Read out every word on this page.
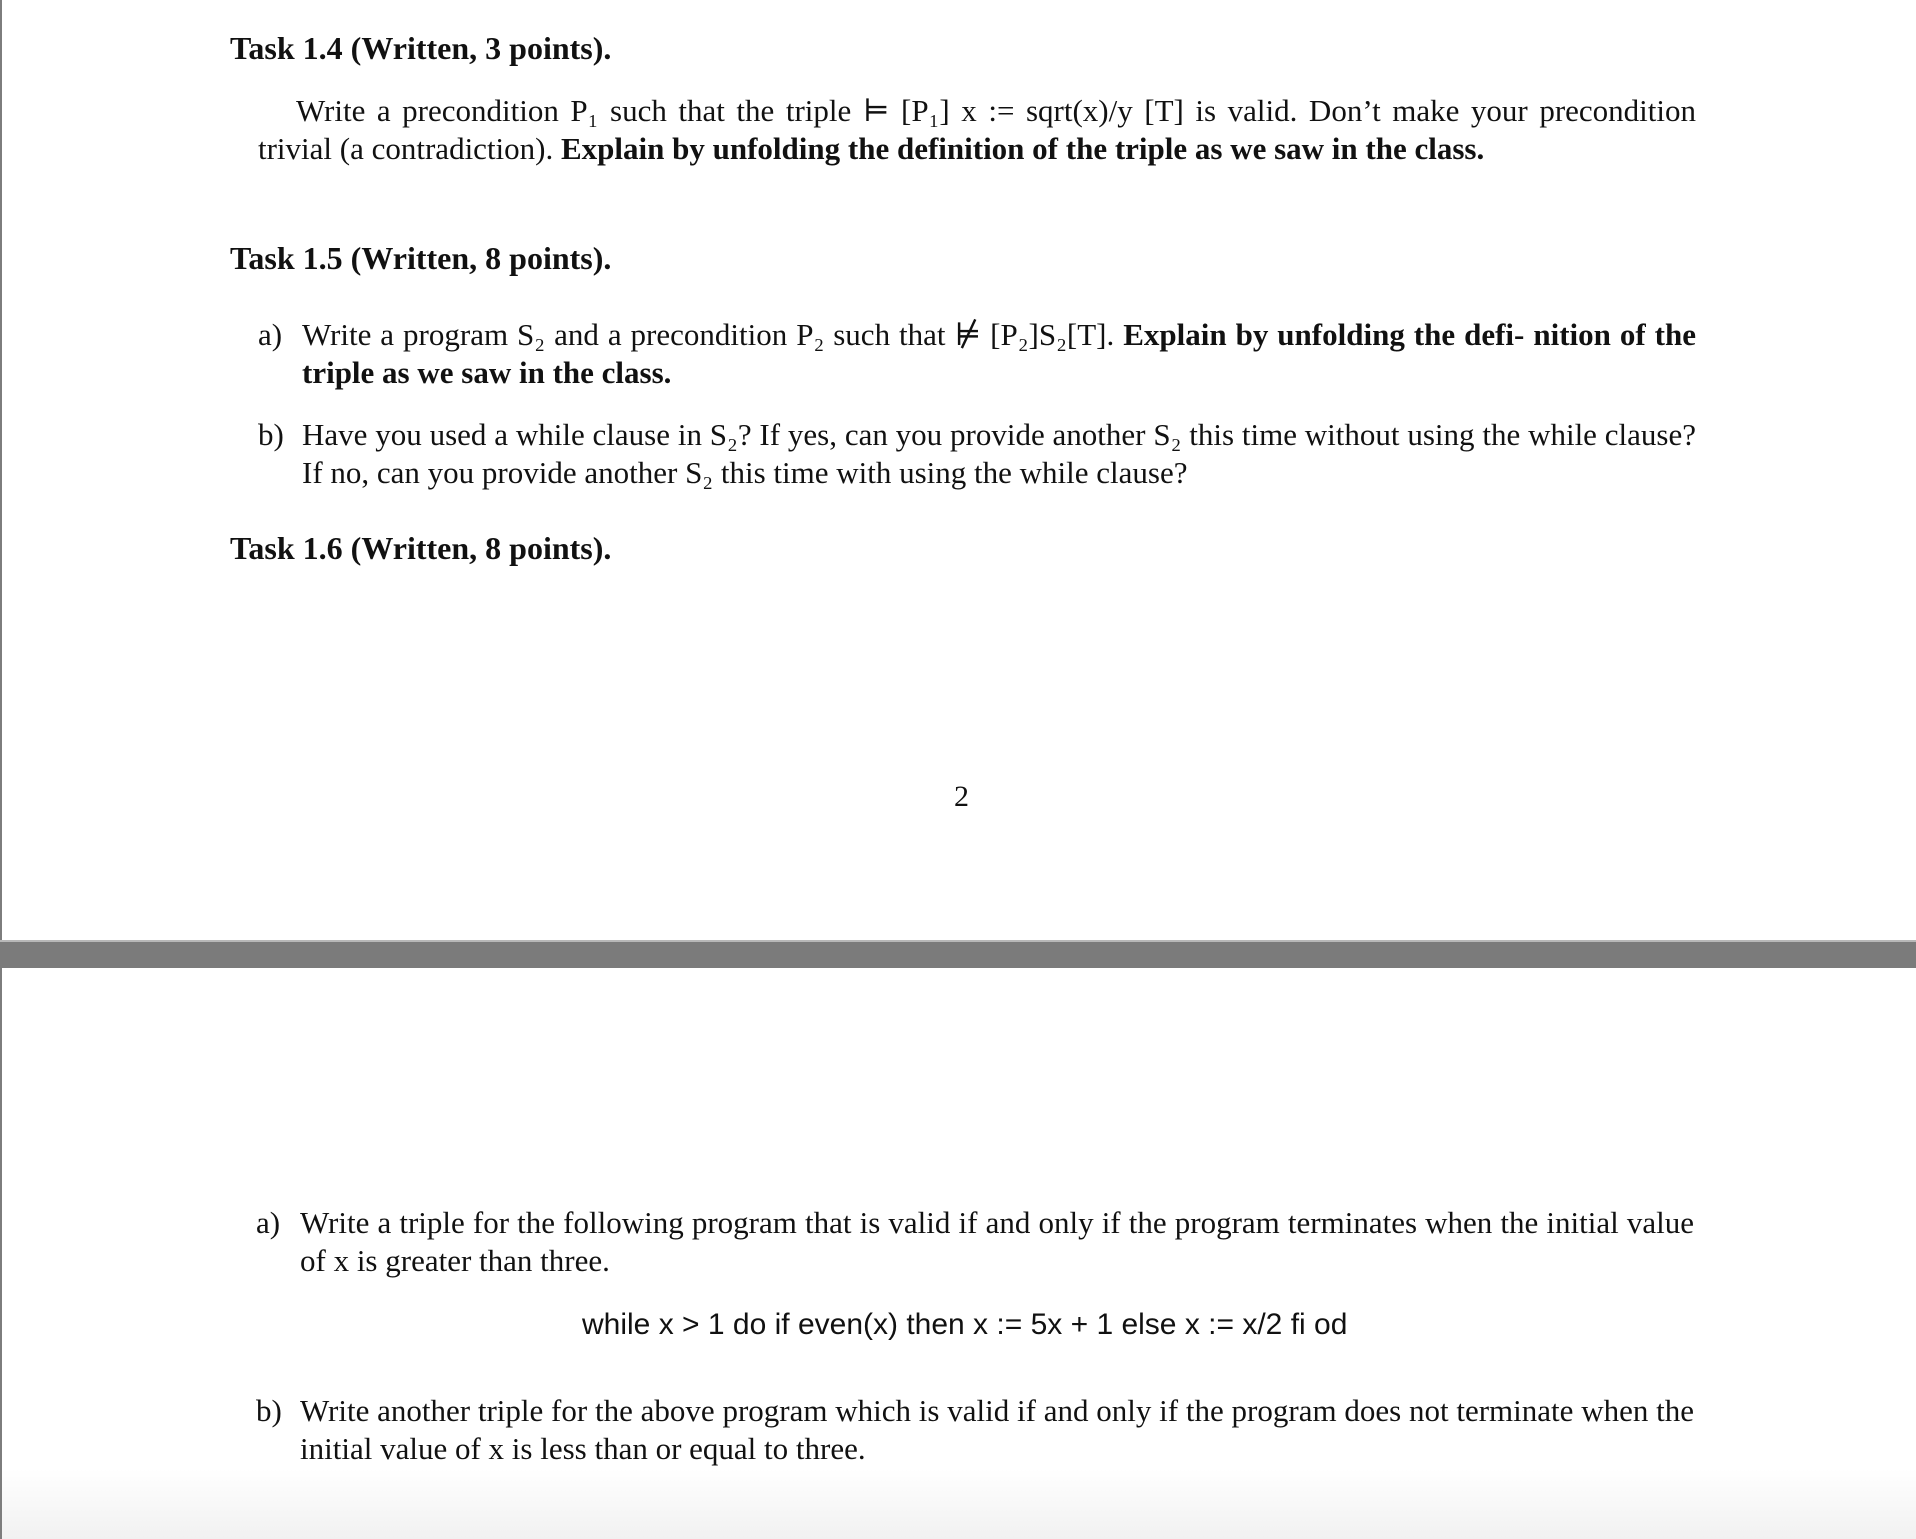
Task 1.4 (Written, 3 points).
Write a precondition P₁ such that the triple ⊨ [P₁] x := sqrt(x)/y [T] is valid. Don’t make your precondition trivial (a contradiction). Explain by unfolding the definition of the triple as we saw in the class.
Task 1.5 (Written, 8 points).
a) Write a program S₂ and a precondition P₂ such that ⊭ [P₂]S₂[T]. Explain by unfolding the defi- nition of the triple as we saw in the class.
b) Have you used a while clause in S₂? If yes, can you provide another S₂ this time without using the while clause? If no, can you provide another S₂ this time with using the while clause?
Task 1.6 (Written, 8 points).
2
a) Write a triple for the following program that is valid if and only if the program terminates when the initial value of x is greater than three.
while x > 1 do if even(x) then x := 5x + 1 else x := x/2 fi od
b) Write another triple for the above program which is valid if and only if the program does not terminate when the initial value of x is less than or equal to three.
